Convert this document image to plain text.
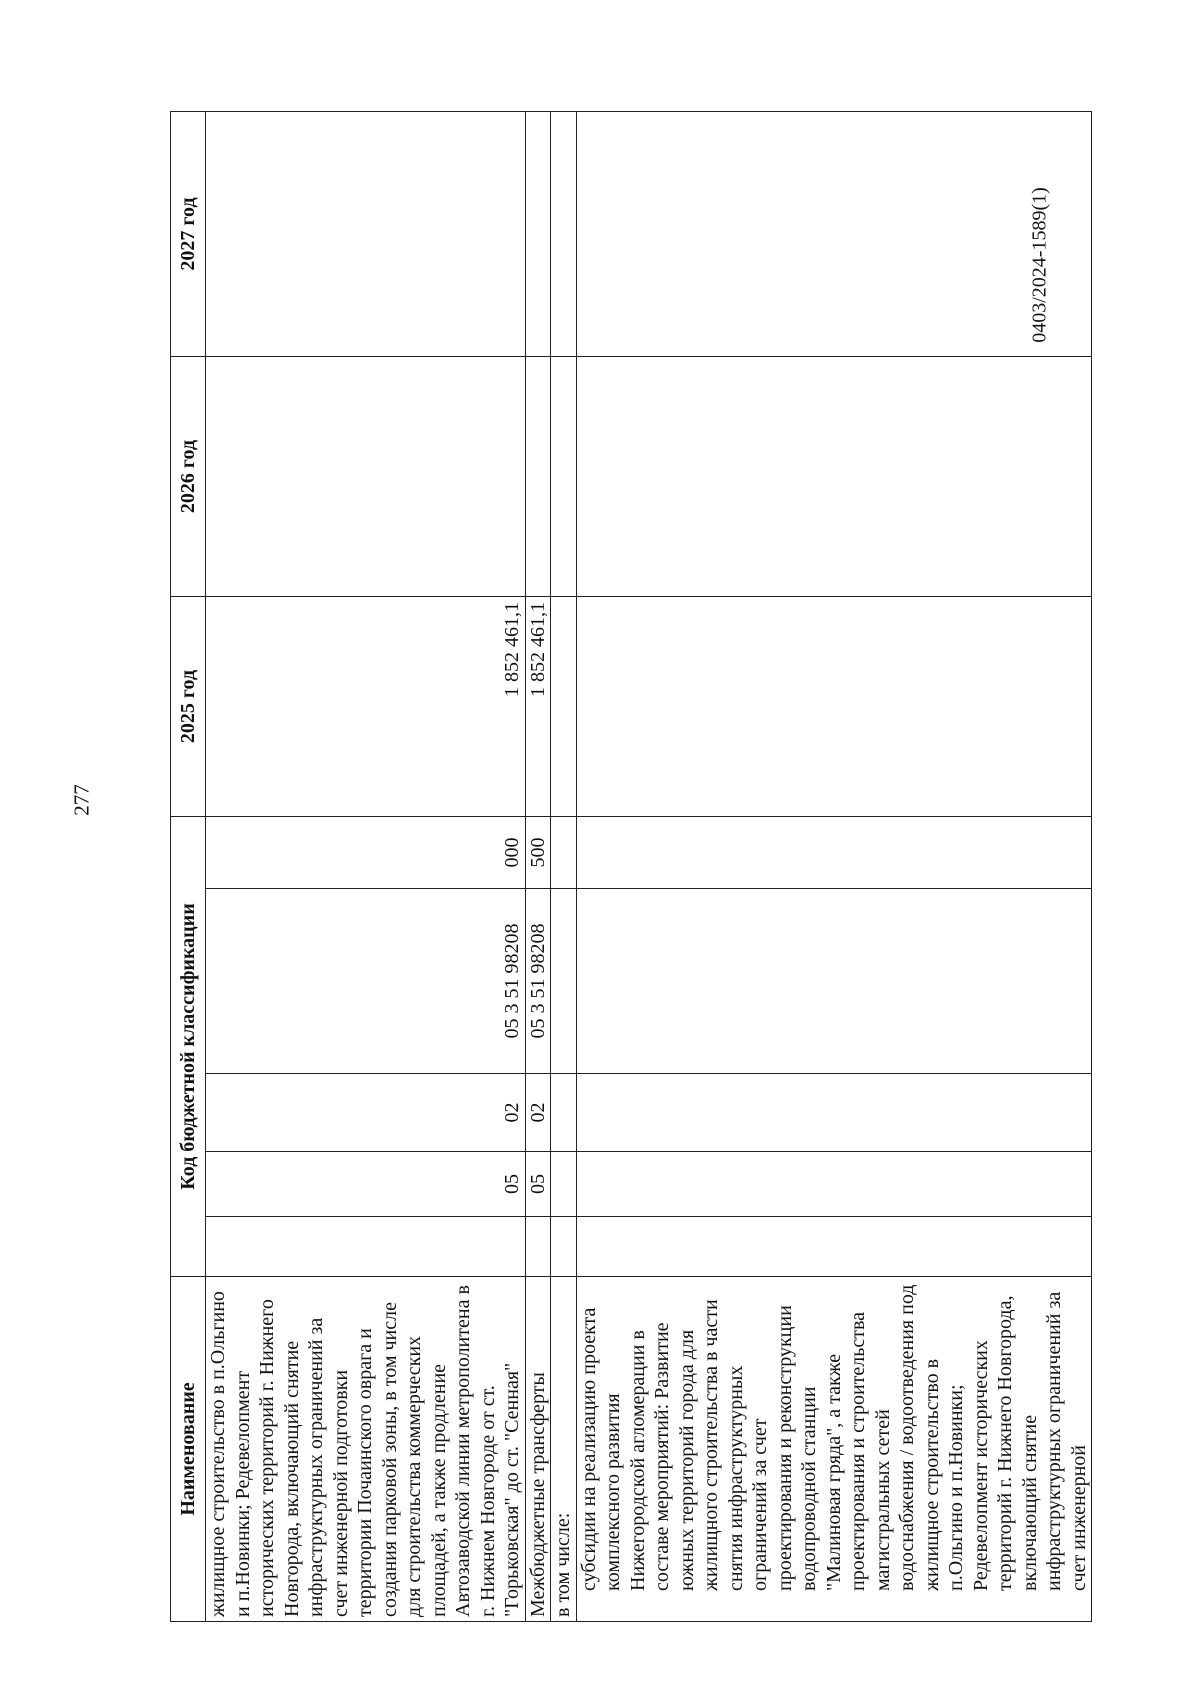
277
0403/2024-1589(1)
Наименование	Код бюджетной классификации					2025 год	2026 год	2027 год
жилищное строительство в п.Ольгино и п.Новинки; Редевелопмент исторических территорий г. Нижнего Новгорода, включающий снятие инфраструктурных ограничений за счет инженерной подготовки территории Почаинского оврага и создания парковой зоны, в том числе для строительства коммерческих площадей, а также продление Автозаводской линии метрополитена в г. Нижнем Новгороде от ст. "Горьковская" до ст. "Сенная"		05	02	05 3 51 98208	000	1 852 461,1		
Межбюджетные трансферты		05	02	05 3 51 98208	500	1 852 461,1		
в том числе:								
субсидии на реализацию проекта комплексного развития Нижегородской агломерации в составе мероприятий: Развитие южных территорий города для жилищного строительства в части снятия инфраструктурных ограничений за счет проектирования и реконструкции водопроводной станции "Малиновая гряда", а также проектирования и строительства магистральных сетей водоснабжения / водоотведения под жилищное строительство в п.Ольгино и п.Новинки; Редевелопмент исторических территорий г. Нижнего Новгорода, включающий снятие инфраструктурных ограничений за счет инженерной								
